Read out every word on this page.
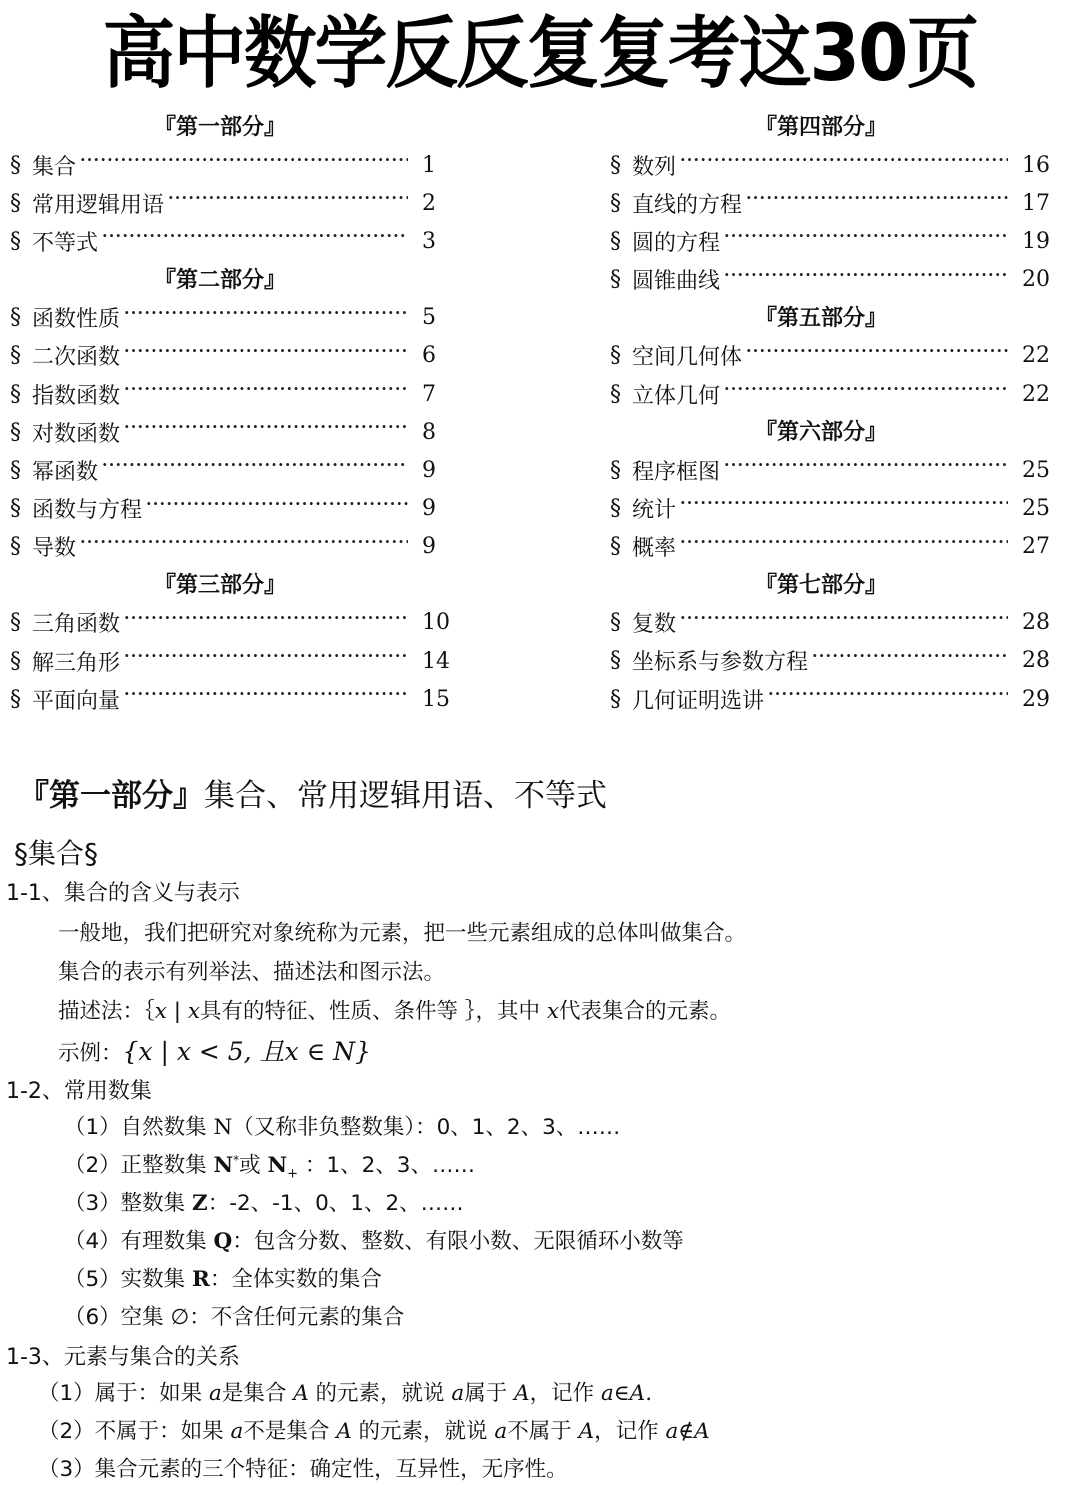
高中数学反反复复考这30页
『第一部分』
§ 集合 ·····	1
§ 常用逻辑用语 ·····	2
§ 不等式 ·····	3
『第二部分』
§ 函数性质 ·····	5
§ 二次函数 ·····	6
§ 指数函数 ·····	7
§ 对数函数 ·····	8
§ 幂函数 ·····	9
§ 函数与方程 ·····	9
§ 导数 ·····	9
『第三部分』
§ 三角函数 ·····	10
§ 解三角形 ·····	14
§ 平面向量 ·····	15
『第四部分』
§ 数列 ·····	16
§ 直线的方程 ·····	17
§ 圆的方程 ·····	19
§ 圆锥曲线 ·····	20
『第五部分』
§ 空间几何体 ·····	22
§ 立体几何 ·····	22
『第六部分』
§ 程序框图 ·····	25
§ 统计 ·····	25
§ 概率 ·····	27
『第七部分』
§ 复数 ·····	28
§ 坐标系与参数方程 ·····	28
§ 几何证明选讲 ·····	29
『第一部分』集合、常用逻辑用语、不等式
§集合§
1-1、集合的含义与表示
一般地，我们把研究对象统称为元素，把一些元素组成的总体叫做集合。
集合的表示有列举法、描述法和图示法。
描述法：｛x | x具有的特征、性质、条件等 ｝，其中 x代表集合的元素。
示例：{x | x < 5, 且x ∈ N}
1-2、常用数集
（1）自然数集 N（又称非负整数集）：0、1、2、3、……
（2）正整数集 N*或 $N_+$ ：1、2、3、……
（3）整数集 Z：-2、-1、0、1、2、……
（4）有理数集 Q：包含分数、整数、有限小数、无限循环小数等
（5）实数集 R：全体实数的集合
（6）空集 ∅：不含任何元素的集合
1-3、元素与集合的关系
（1）属于：如果 a是集合 A 的元素，就说 a属于 A，记作 a∈A.
（2）不属于：如果 a不是集合 A 的元素，就说 a不属于 A，记作 a∉A
（3）集合元素的三个特征：确定性，互异性，无序性。
